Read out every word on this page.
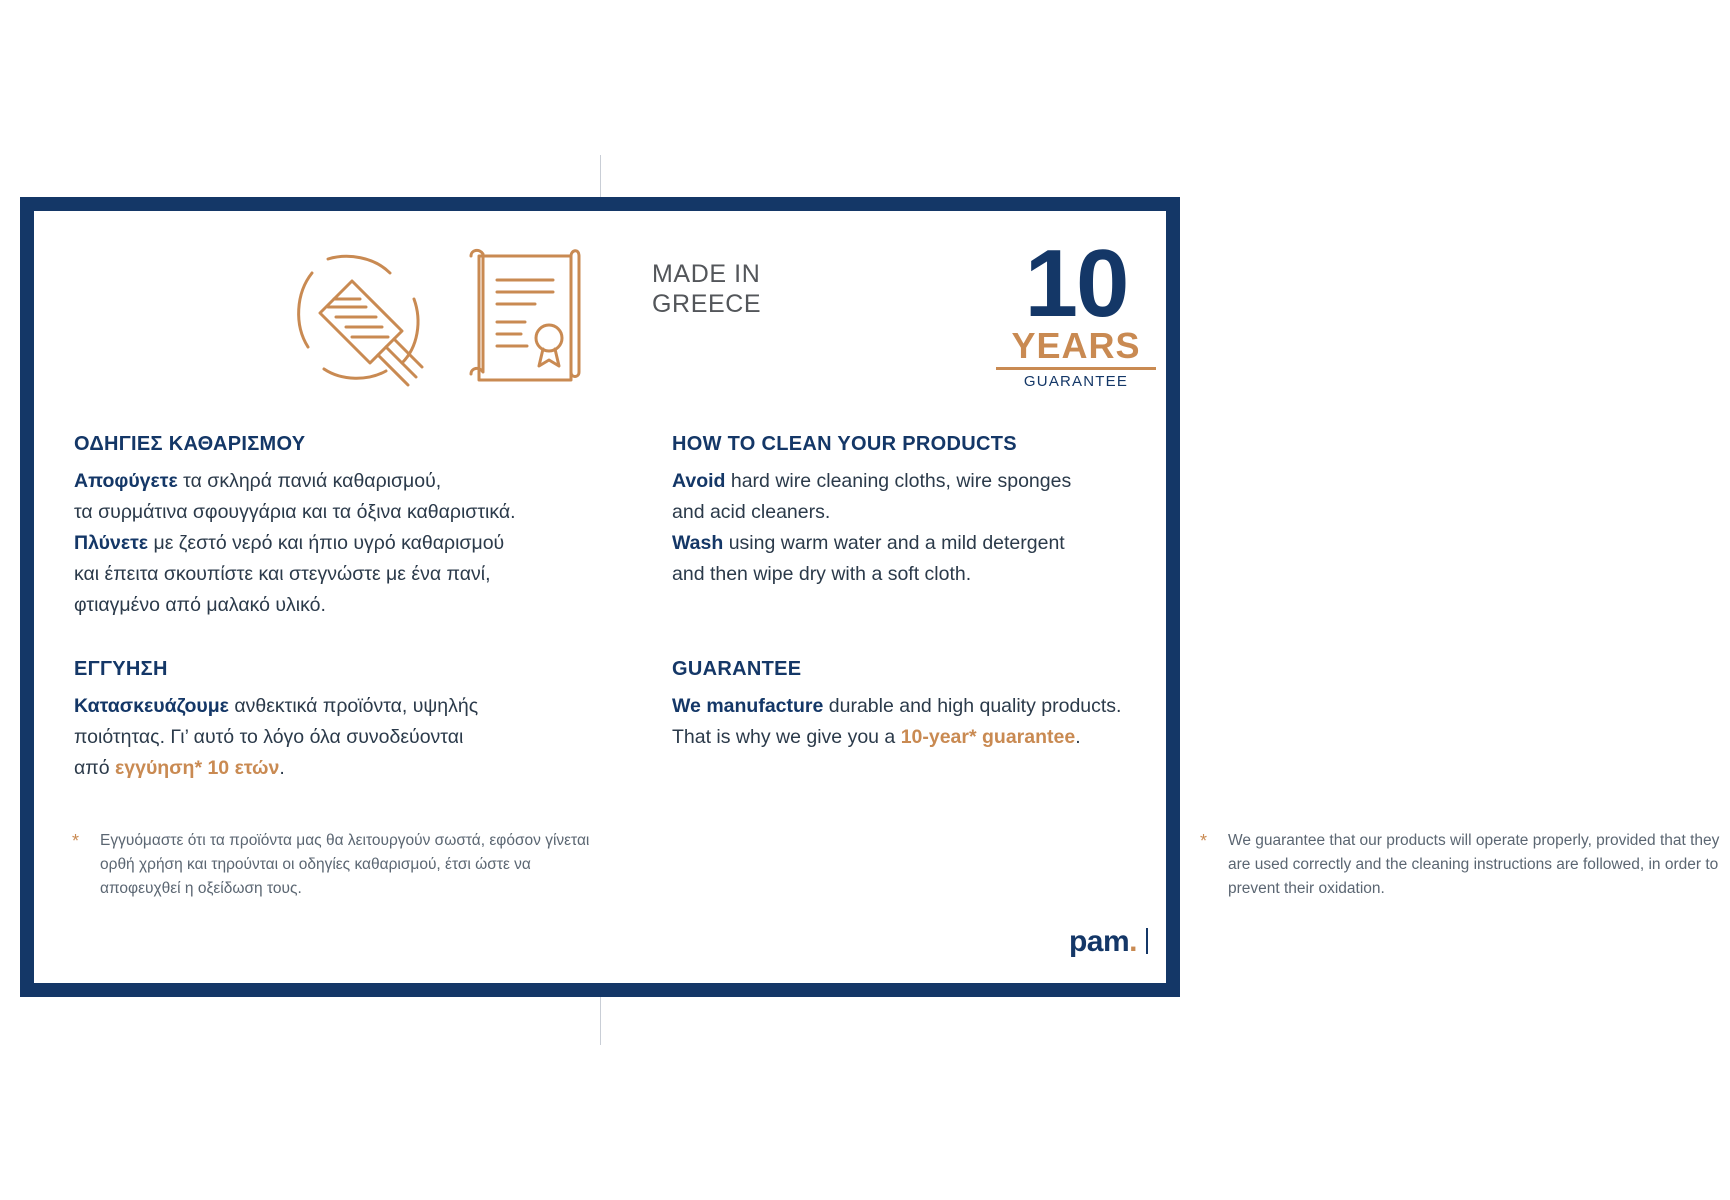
ΟΔΗΓΙΕΣ ΚΑΘΑΡΙΣΜΟΥ
Αποφύγετε τα σκληρά πανιά καθαρισμού,
τα συρμάτινα σφουγγάρια και τα όξινα καθαριστικά.
Πλύνετε με ζεστό νερό και ήπιο υγρό καθαρισμού
και έπειτα σκουπίστε και στεγνώστε με ένα πανί,
φτιαγμένο από μαλακό υλικό.
ΕΓΓΥΗΣΗ
Κατασκευάζουμε ανθεκτικά προϊόντα, υψηλής
ποιότητας. Γι’ αυτό το λόγο όλα συνοδεύονται
από εγγύηση* 10 ετών.
* Εγγυόμαστε ότι τα προϊόντα μας θα λειτουργούν σωστά, εφόσον γίνεται ορθή χρήση και τηρούνται οι οδηγίες καθαρισμού, έτσι ώστε να αποφευχθεί η οξείδωση τους.
MADE IN
GREECE	10
YEARS
GUARANTEE
HOW TO CLEAN YOUR PRODUCTS
Avoid hard wire cleaning cloths, wire sponges
and acid cleaners.
Wash using warm water and a mild detergent
and then wipe dry with a soft cloth.
GUARANTEE
We manufacture durable and high quality products.
That is why we give you a 10-year* guarantee.
* We guarantee that our products will operate properly, provided that they are used correctly and the cleaning instructions are followed, in order to prevent their oxidation.
pam.
